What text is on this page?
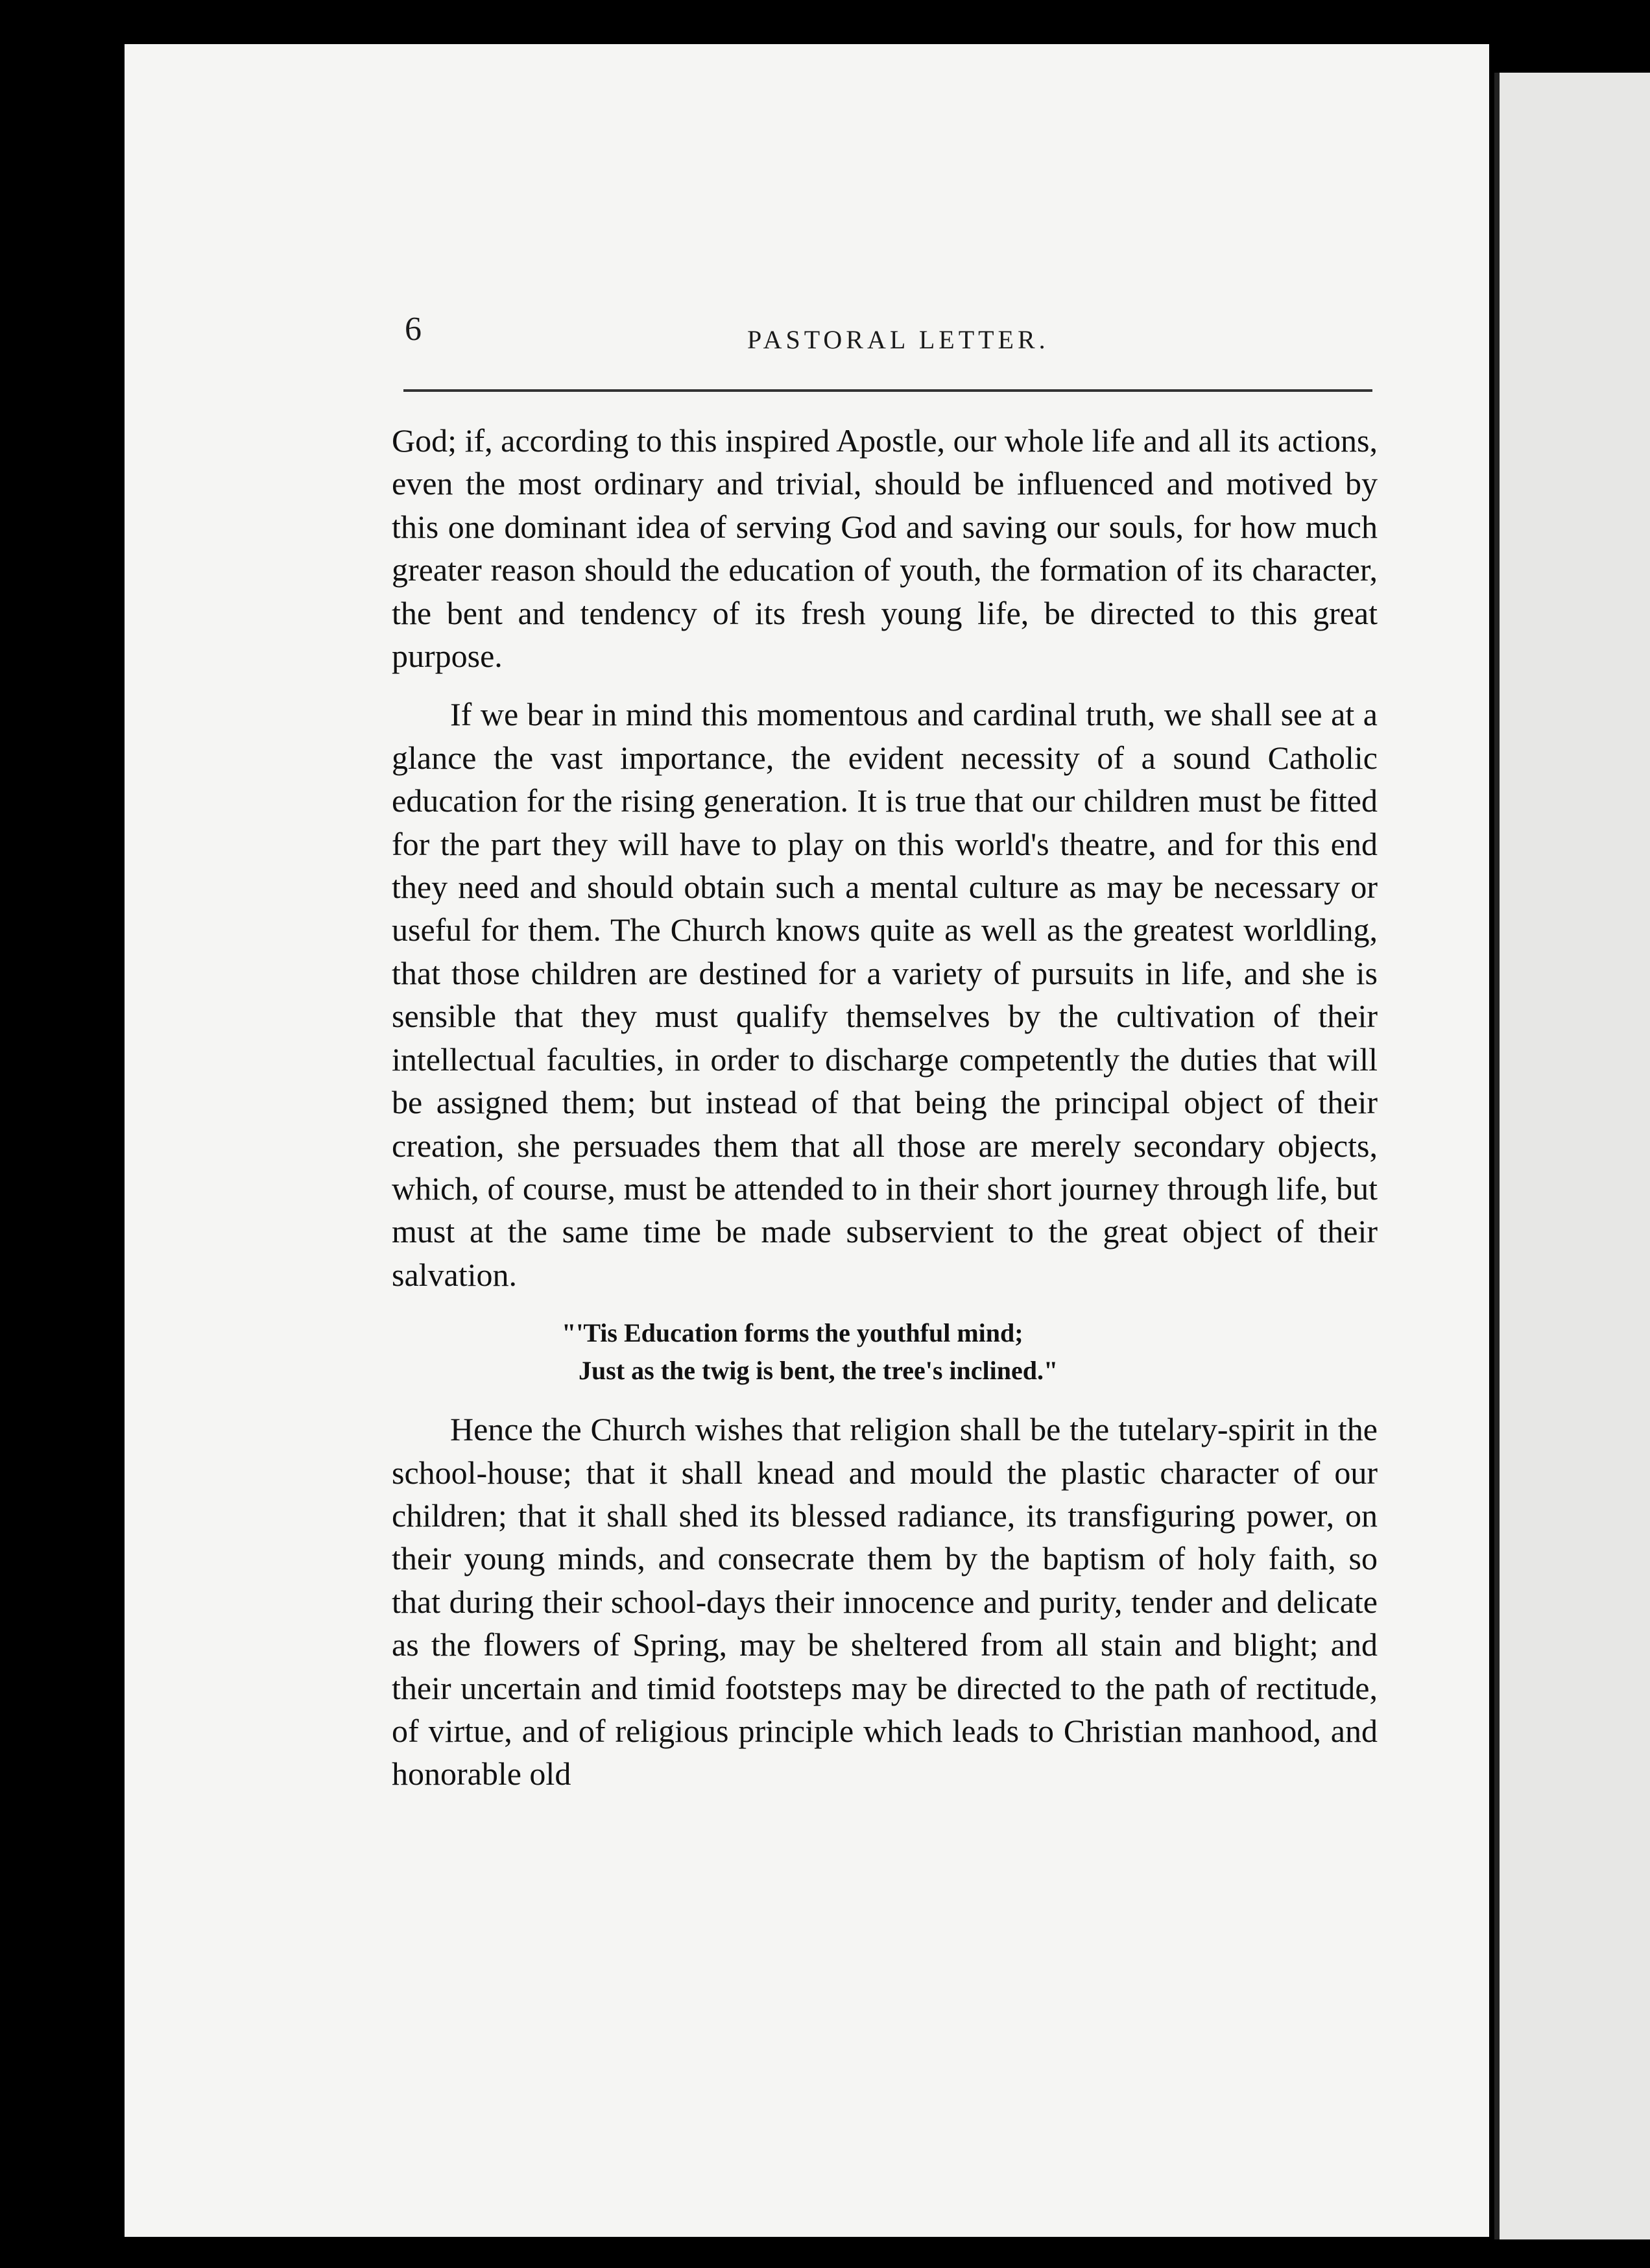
6	PASTORAL LETTER.

God; if, according to this inspired Apostle, our whole life and all its actions, even the most ordinary and trivial, should be influenced and motived by this one dominant idea of serving God and saving our souls, for how much greater reason should the education of youth, the formation of its character, the bent and tendency of its fresh young life, be directed to this great purpose.

If we bear in mind this momentous and cardinal truth, we shall see at a glance the vast importance, the evident necessity of a sound Catholic education for the rising generation. It is true that our children must be fitted for the part they will have to play on this world's theatre, and for this end they need and should obtain such a mental culture as may be necessary or useful for them. The Church knows quite as well as the greatest worldling, that those children are destined for a variety of pursuits in life, and she is sensible that they must qualify themselves by the cultivation of their intellectual faculties, in order to discharge competently the duties that will be assigned them; but instead of that being the principal object of their creation, she persuades them that all those are merely secondary objects, which, of course, must be attended to in their short journey through life, but must at the same time be made subservient to the great object of their salvation.

"'Tis Education forms the youthful mind;
Just as the twig is bent, the tree's inclined."

Hence the Church wishes that religion shall be the tutelary-spirit in the school-house; that it shall knead and mould the plastic character of our children; that it shall shed its blessed radiance, its transfiguring power, on their young minds, and consecrate them by the baptism of holy faith, so that during their school-days their innocence and purity, tender and delicate as the flowers of Spring, may be sheltered from all stain and blight; and their uncertain and timid footsteps may be directed to the path of rectitude, of virtue, and of religious principle which leads to Christian manhood, and honorable old
